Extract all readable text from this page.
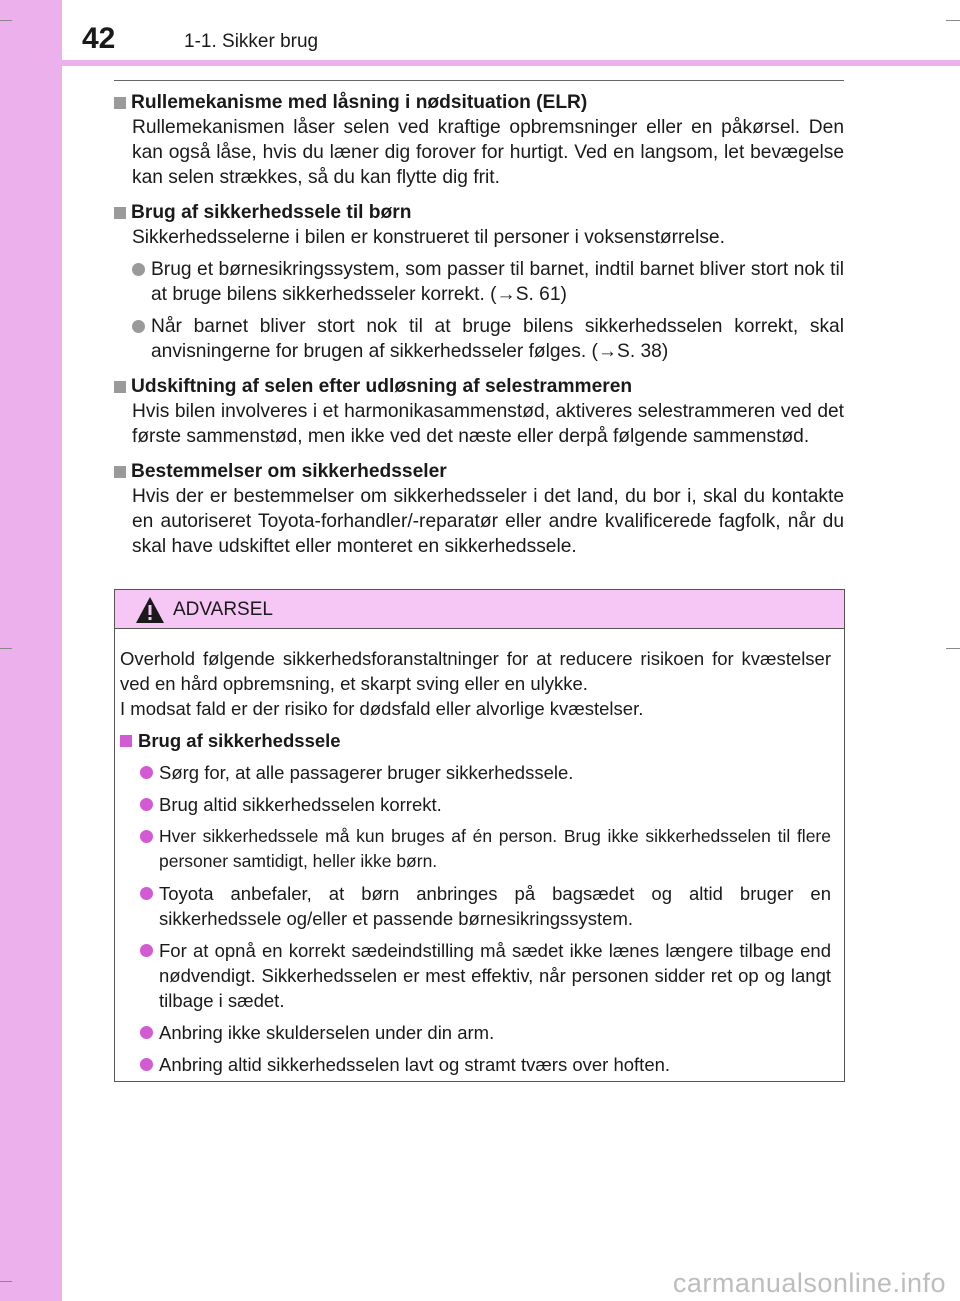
42	1-1. Sikker brug
Rullemekanisme med låsning i nødsituation (ELR)
Rullemekanismen låser selen ved kraftige opbremsninger eller en påkørsel. Den kan også låse, hvis du læner dig forover for hurtigt. Ved en langsom, let bevægelse kan selen strækkes, så du kan flytte dig frit.
Brug af sikkerhedssele til børn
Sikkerhedsselerne i bilen er konstrueret til personer i voksenstørrelse.
Brug et børnesikringssystem, som passer til barnet, indtil barnet bliver stort nok til at bruge bilens sikkerhedsseler korrekt. (→S. 61)
Når barnet bliver stort nok til at bruge bilens sikkerhedsselen korrekt, skal anvisningerne for brugen af sikkerhedsseler følges. (→S. 38)
Udskiftning af selen efter udløsning af selestrammeren
Hvis bilen involveres i et harmonikasammenstød, aktiveres selestrammeren ved det første sammenstød, men ikke ved det næste eller derpå følgende sammenstød.
Bestemmelser om sikkerhedsseler
Hvis der er bestemmelser om sikkerhedsseler i det land, du bor i, skal du kontakte en autoriseret Toyota-forhandler/-reparatør eller andre kvalificerede fagfolk, når du skal have udskiftet eller monteret en sikkerhedssele.
ADVARSEL
Overhold følgende sikkerhedsforanstaltninger for at reducere risikoen for kvæstelser ved en hård opbremsning, et skarpt sving eller en ulykke.
I modsat fald er der risiko for dødsfald eller alvorlige kvæstelser.
Brug af sikkerhedssele
Sørg for, at alle passagerer bruger sikkerhedssele.
Brug altid sikkerhedsselen korrekt.
Hver sikkerhedssele må kun bruges af én person. Brug ikke sikkerhedsselen til flere personer samtidigt, heller ikke børn.
Toyota anbefaler, at børn anbringes på bagsædet og altid bruger en sikkerhedssele og/eller et passende børnesikringssystem.
For at opnå en korrekt sædeindstilling må sædet ikke lænes længere tilbage end nødvendigt. Sikkerhedsselen er mest effektiv, når personen sidder ret op og langt tilbage i sædet.
Anbring ikke skulderselen under din arm.
Anbring altid sikkerhedsselen lavt og stramt tværs over hoften.
carmanualsonline.info
